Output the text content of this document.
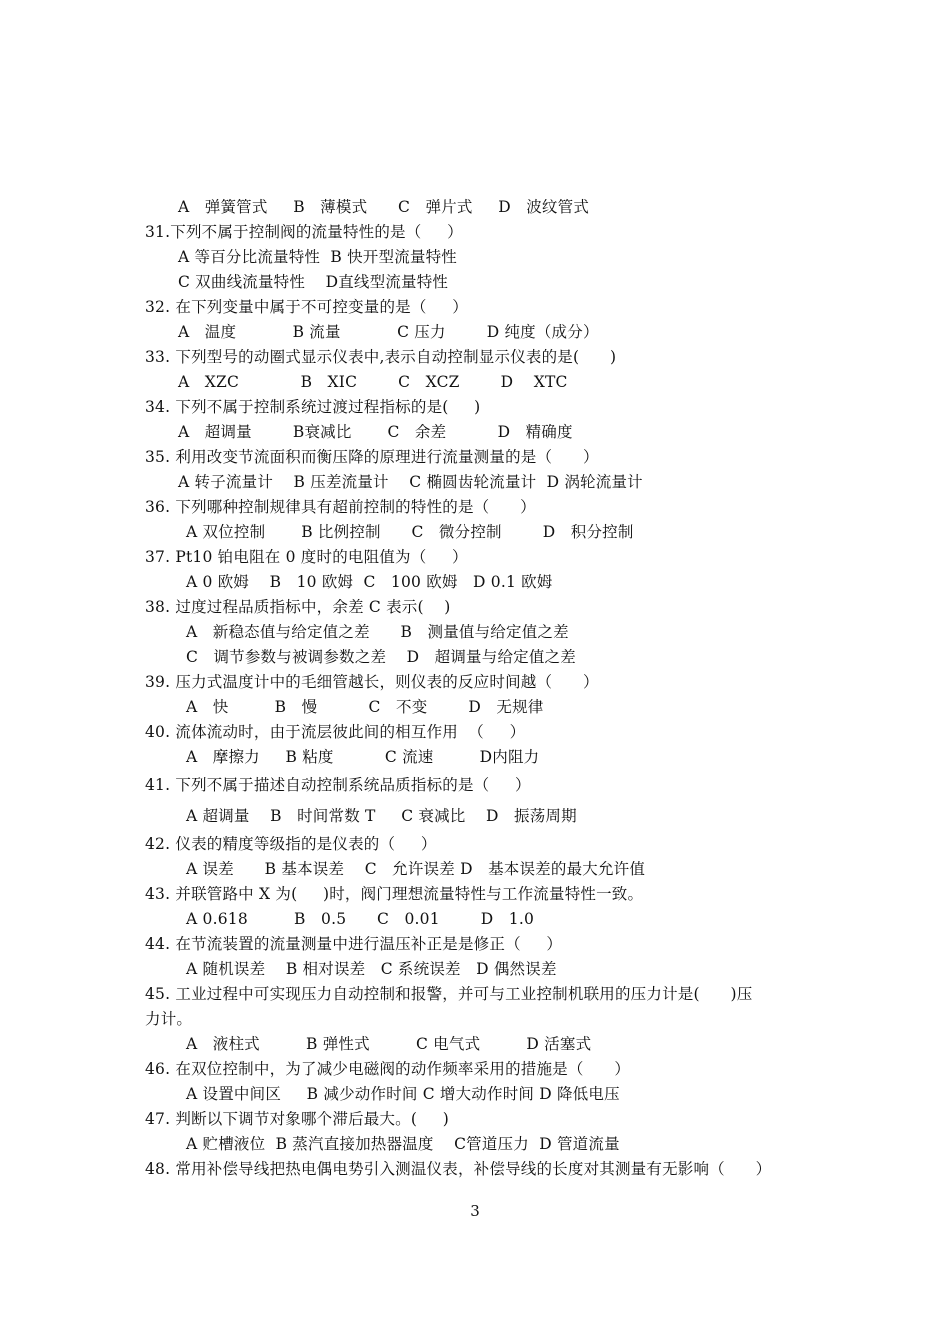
A   弹簧管式     B   薄模式      C   弹片式     D   波纹管式
31.下列不属于控制阀的流量特性的是（     ）
A 等百分比流量特性  B 快开型流量特性
C 双曲线流量特性    D直线型流量特性
32. 在下列变量中属于不可控变量的是（     ）
A   温度           B 流量           C 压力        D 纯度（成分）
33. 下列型号的动圈式显示仪表中,表示自动控制显示仪表的是(      )
A   XZC            B   XIC        C   XCZ        D    XTC
34. 下列不属于控制系统过渡过程指标的是(     )
A   超调量        B衰减比       C   余差          D   精确度
35. 利用改变节流面积而衡压降的原理进行流量测量的是（      ）
A 转子流量计    B 压差流量计    C 椭圆齿轮流量计  D 涡轮流量计
36. 下列哪种控制规律具有超前控制的特性的是（      ）
A 双位控制       B 比例控制      C   微分控制        D   积分控制
37. Pt10 铂电阻在 0 度时的电阻值为（     ）
A 0 欧姆    B   10 欧姆  C   100 欧姆   D 0.1 欧姆
38. 过度过程品质指标中，余差 C 表示(    )
A   新稳态值与给定值之差      B   测量值与给定值之差
C   调节参数与被调参数之差    D   超调量与给定值之差
39. 压力式温度计中的毛细管越长，则仪表的反应时间越（      ）
A   快         B   慢          C   不变        D   无规律
40. 流体流动时，由于流层彼此间的相互作用  （     ）
A   摩擦力     B 粘度          C 流速         D内阻力
41. 下列不属于描述自动控制系统品质指标的是（     ）
A 超调量    B   时间常数 T     C 衰减比    D   振荡周期
42. 仪表的精度等级指的是仪表的（     ）
A 误差      B 基本误差    C   允许误差 D   基本误差的最大允许值
43. 并联管路中 X 为(     )时，阀门理想流量特性与工作流量特性一致。
A 0.618         B   0.5      C   0.01        D   1.0
44. 在节流装置的流量测量中进行温压补正是是修正（     ）
A 随机误差    B 相对误差   C 系统误差   D 偶然误差
45. 工业过程中可实现压力自动控制和报警，并可与工业控制机联用的压力计是(      )压
力计。
A   液柱式         B 弹性式         C 电气式         D 活塞式
46. 在双位控制中，为了减少电磁阀的动作频率采用的措施是（      ）
A 设置中间区     B 减少动作时间 C 增大动作时间 D 降低电压
47. 判断以下调节对象哪个滞后最大。(     )
A 贮槽液位  B 蒸汽直接加热器温度    C管道压力  D 管道流量
48. 常用补偿导线把热电偶电势引入测温仪表，补偿导线的长度对其测量有无影响（      ）
3
